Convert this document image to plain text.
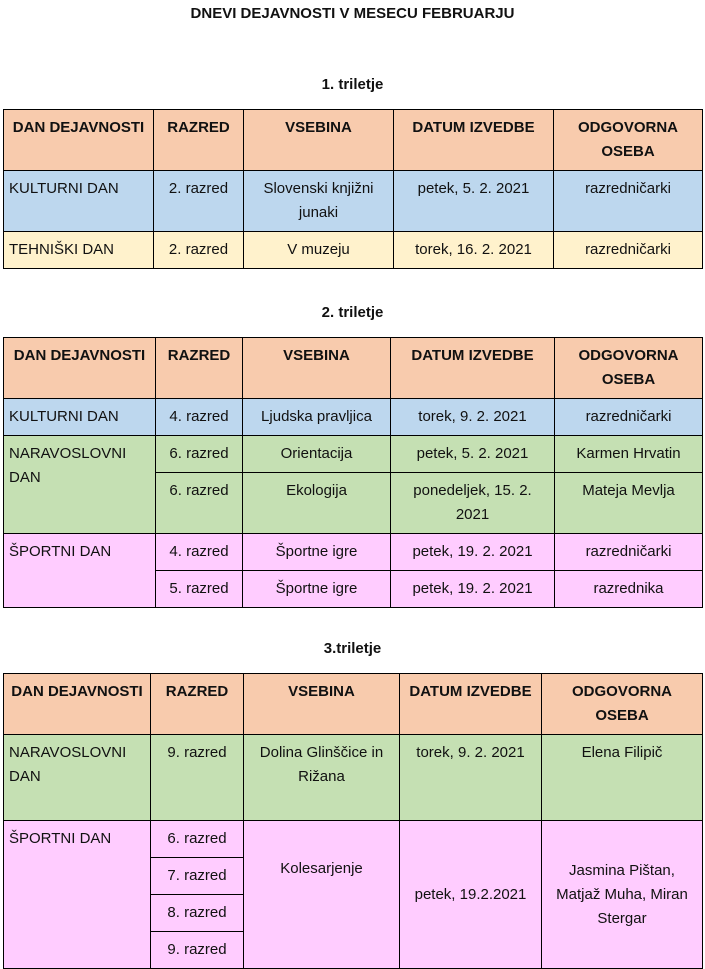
DNEVI DEJAVNOSTI V MESECU FEBRUARJU
1. triletje
DAN DEJAVNOSTI	RAZRED	VSEBINA	DATUM IZVEDBE	ODGOVORNA OSEBA
KULTURNI DAN	2. razred	Slovenski knjižni junaki	petek, 5. 2. 2021	razredničarki
TEHNIŠKI DAN	2. razred	V muzeju	torek, 16. 2. 2021	razredničarki
2. triletje
DAN DEJAVNOSTI	RAZRED	VSEBINA	DATUM IZVEDBE	ODGOVORNA OSEBA
KULTURNI DAN	4. razred	Ljudska pravljica	torek, 9. 2. 2021	razredničarki
NARAVOSLOVNI DAN	6. razred	Orientacija	petek, 5. 2. 2021	Karmen Hrvatin
	6. razred	Ekologija	ponedeljek, 15. 2. 2021	Mateja Mevlja
ŠPORTNI DAN	4. razred	Športne igre	petek, 19. 2. 2021	razredničarki
	5. razred	Športne igre	petek, 19. 2. 2021	razrednika
3.triletje
DAN DEJAVNOSTI	RAZRED	VSEBINA	DATUM IZVEDBE	ODGOVORNA OSEBA
NARAVOSLOVNI DAN	9. razred	Dolina Glinščice in Rižana	torek, 9. 2. 2021	Elena Filipič
ŠPORTNI DAN	6. razred	Kolesarjenje	petek, 19.2.2021	Jasmina Pištan, Matjaž Muha, Miran Stergar
	7. razred			
	8. razred			
	9. razred			
